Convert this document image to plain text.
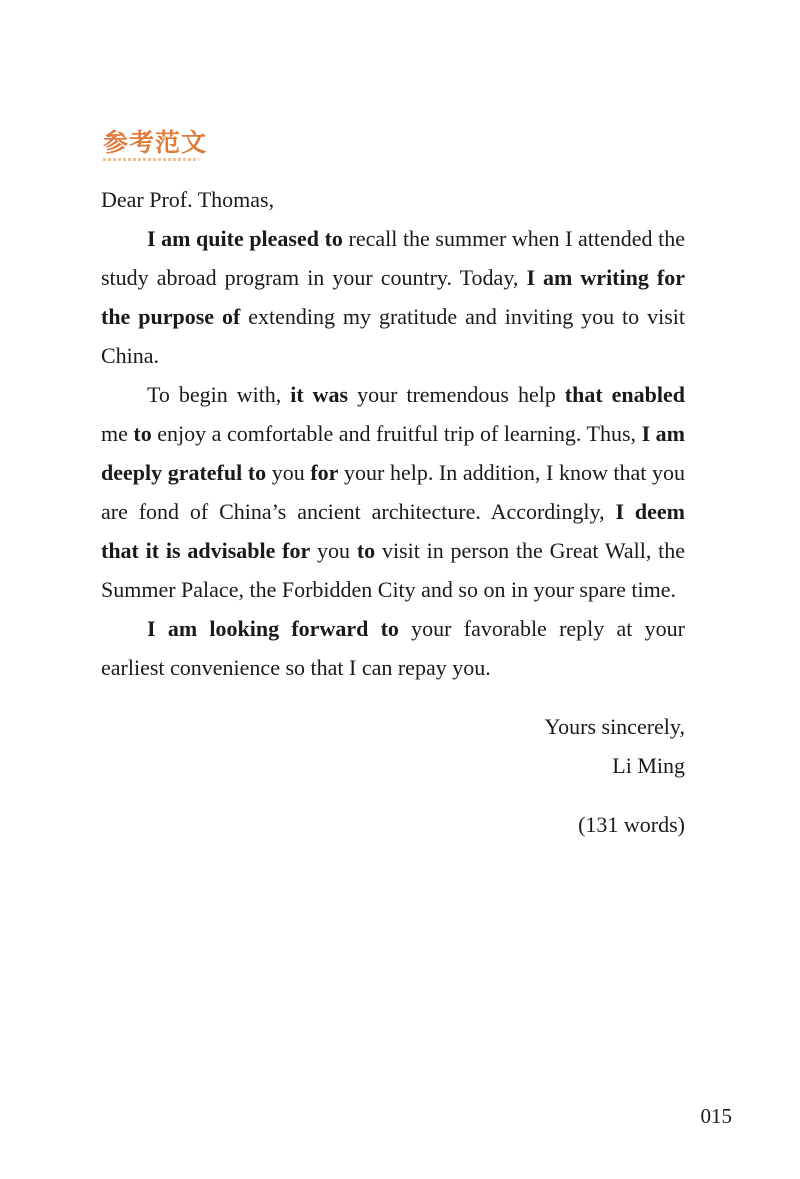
参考范文

Dear Prof. Thomas,

I am quite pleased to recall the summer when I attended the study abroad program in your country. Today, I am writing for the purpose of extending my gratitude and inviting you to visit China.

To begin with, it was your tremendous help that enabled me to enjoy a comfortable and fruitful trip of learning. Thus, I am deeply grateful to you for your help. In addition, I know that you are fond of China’s ancient architecture. Accordingly, I deem that it is advisable for you to visit in person the Great Wall, the Summer Palace, the Forbidden City and so on in your spare time.

I am looking forward to your favorable reply at your earliest convenience so that I can repay you.

Yours sincerely,

Li Ming

(131 words)

015
